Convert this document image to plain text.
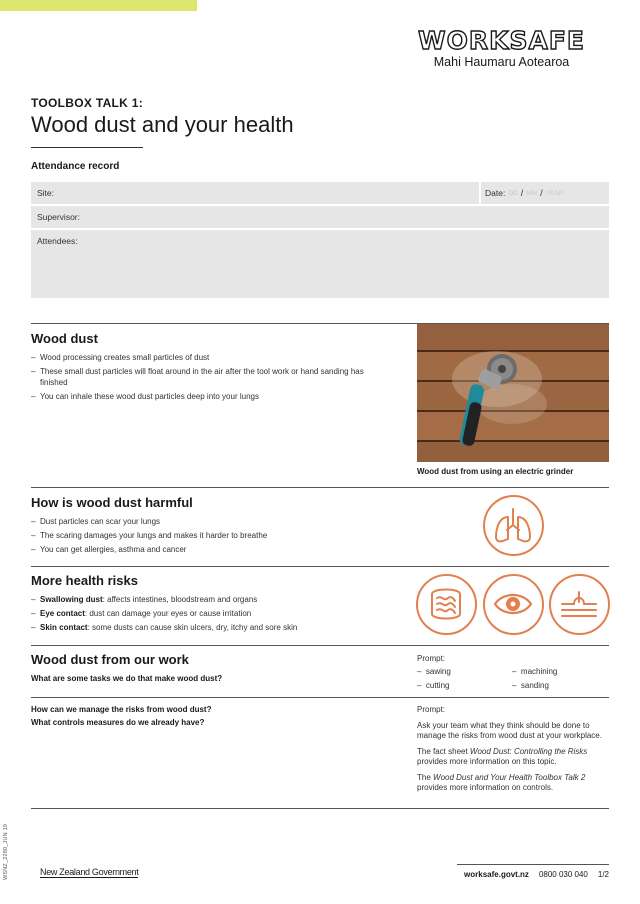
WORKSAFE
Mahi Haumaru Aotearoa
TOOLBOX TALK 1:
Wood dust and your health
Attendance record
Site:	Date: DD / MM / YEAR
Supervisor:
Attendees:
Wood dust
– Wood processing creates small particles of dust
– These small dust particles will float around in the air after the tool work or hand sanding has finished
– You can inhale these wood dust particles deep into your lungs
Wood dust from using an electric grinder
How is wood dust harmful
– Dust particles can scar your lungs
– The scaring damages your lungs and makes it harder to breathe
– You can get allergies, asthma and cancer
More health risks
– Swallowing dust: affects intestines, bloodstream and organs
– Eye contact: dust can damage your eyes or cause irritation
– Skin contact: some dusts can cause skin ulcers, dry, itchy and sore skin
Wood dust from our work
What are some tasks we do that make wood dust?
Prompt:
–  sawing	–  machining
–  cutting	–  sanding
How can we manage the risks from wood dust?
What controls measures do we already have?

Prompt:

Ask your team what they think should be done to manage the risks from wood dust at your workplace.

The fact sheet Wood Dust: Controlling the Risks provides more information on this topic.

The Wood Dust and Your Health Toolbox Talk 2 provides more information on controls.

WSNZ_2280_JUN 19	New Zealand Government	worksafe.govt.nz 0800 030 040 1/2
